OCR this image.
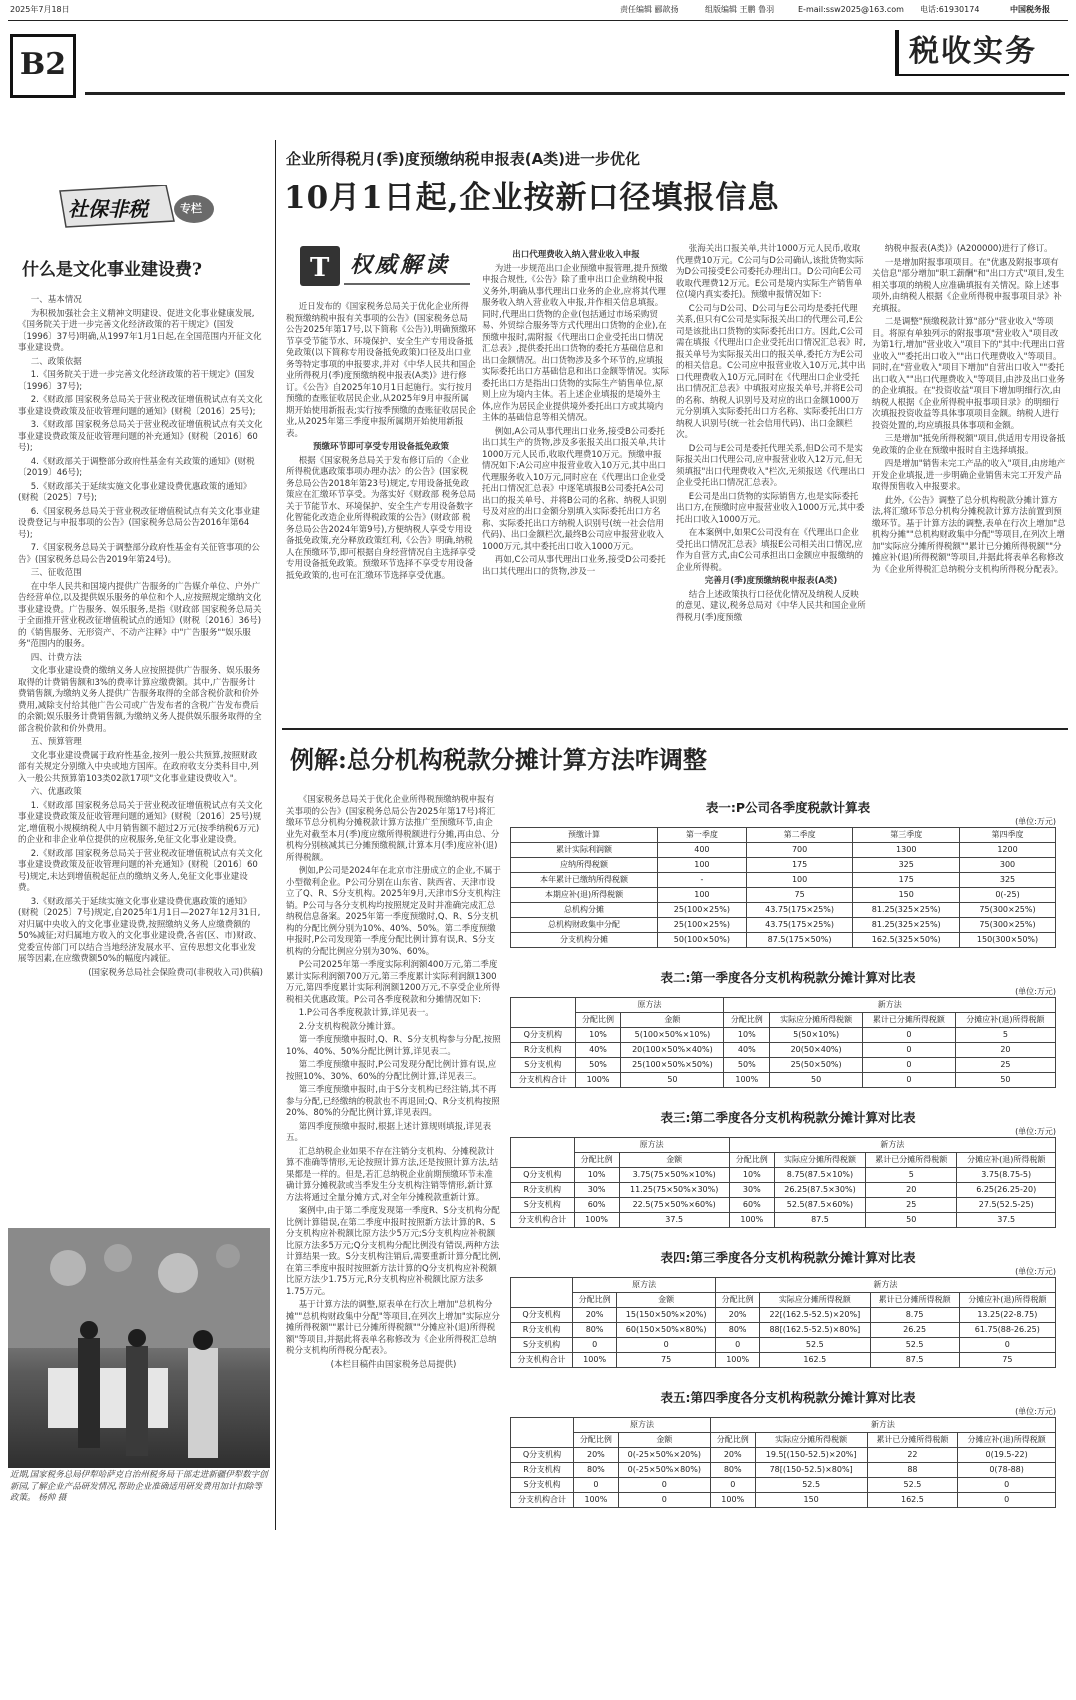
2025年7月18日	责任编辑 郦歆扬	组版编辑 王鹏 鲁羽	E-mail:ssw2025@163.com 电话:61930174	中国税务报
B2	税收实务
社保非税	专栏
什么是文化事业建设费?

一、基本情况

为积极加强社会主义精神文明建设、促进文化事业健康发展,《国务院关于进一步完善文化经济政策的若干规定》(国发〔1996〕37号)明确,从1997年1月1日起,在全国范围内开征文化事业建设费。

二、政策依据

1.《国务院关于进一步完善文化经济政策的若干规定》(国发〔1996〕37号);

2.《财政部 国家税务总局关于营业税改征增值税试点有关文化事业建设费政策及征收管理问题的通知》(财税〔2016〕25号);

3.《财政部 国家税务总局关于营业税改征增值税试点有关文化事业建设费政策及征收管理问题的补充通知》(财税〔2016〕60号);

4.《财政部关于调整部分政府性基金有关政策的通知》(财税〔2019〕46号);

5.《财政部关于延续实施文化事业建设费优惠政策的通知》(财税〔2025〕7号);

6.《国家税务总局关于营业税改征增值税试点有关文化事业建设费登记与申报事项的公告》(国家税务总局公告2016年第64号);

7.《国家税务总局关于调整部分政府性基金有关征管事项的公告》(国家税务总局公告2019年第24号)。

三、征收范围

在中华人民共和国境内提供广告服务的广告媒介单位、户外广告经营单位,以及提供娱乐服务的单位和个人,应按照规定缴纳文化事业建设费。广告服务、娱乐服务,是指《财政部 国家税务总局关于全面推开营业税改征增值税试点的通知》(财税〔2016〕36号)的《销售服务、无形资产、不动产注释》中"广告服务""娱乐服务"范围内的服务。

四、计费方法

文化事业建设费的缴纳义务人应按照提供广告服务、娱乐服务取得的计费销售额和3%的费率计算应缴费额。其中,广告服务计费销售额,为缴纳义务人提供广告服务取得的全部含税价款和价外费用,减除支付给其他广告公司或广告发布者的含税广告发布费后的余额;娱乐服务计费销售额,为缴纳义务人提供娱乐服务取得的全部含税价款和价外费用。

五、预算管理

文化事业建设费属于政府性基金,按列一般公共预算,按照财政部有关规定分别缴入中央或地方国库。在政府收支分类科目中,列入一般公共预算第103类02款17项"文化事业建设费收入"。

六、优惠政策

1.《财政部 国家税务总局关于营业税改征增值税试点有关文化事业建设费政策及征收管理问题的通知》(财税〔2016〕25号)规定,增值税小规模纳税人中月销售额不超过2万元(按季纳税6万元)的企业和非企业单位提供的应税服务,免征文化事业建设费。

2.《财政部 国家税务总局关于营业税改征增值税试点有关文化事业建设费政策及征收管理问题的补充通知》(财税〔2016〕60号)规定,未达到增值税起征点的缴纳义务人,免征文化事业建设费。

3.《财政部关于延续实施文化事业建设费优惠政策的通知》(财税〔2025〕7号)规定,自2025年1月1日—2027年12月31日,对归属中央收入的文化事业建设费,按照缴纳义务人应缴费额的50%减征;对归属地方收入的文化事业建设费,各省(区、市)财政、党委宣传部门可以结合当地经济发展水平、宣传思想文化事业发展等因素,在应缴费额50%的幅度内减征。

(国家税务总局社会保险费司(非税收入司)供稿)

近期,国家税务总局伊犁哈萨克自治州税务局干部走进新疆伊犁数字创新园,了解企业产品研发情况,帮助企业准确适用研发费用加计扣除等政策。 杨帅 摄
企业所得税月(季)度预缴纳税申报表(A类)进一步优化
10月1日起,企业按新口径填报信息
T 权威解读

近日发布的《国家税务总局关于优化企业所得税预缴纳税申报有关事项的公告》(国家税务总局公告2025年第17号,以下简称《公告》),明确预缴环节享受节能节水、环境保护、安全生产专用设备抵免政策(以下简称专用设备抵免政策)口径及出口业务等特定事项的申报要求,并对《中华人民共和国企业所得税月(季)度预缴纳税申报表(A类)》进行修订。《公告》自2025年10月1日起施行。实行按月预缴的查账征收居民企业,从2025年9月申报所属期开始使用新报表;实行按季预缴的查账征收居民企业,从2025年第三季度申报所属期开始使用新报表。

预缴环节即可享受专用设备抵免政策

根据《国家税务总局关于发布修订后的〈企业所得税优惠政策事项办理办法〉的公告》(国家税务总局公告2018年第23号)规定,专用设备抵免政策应在汇缴环节享受。为落实好《财政部 税务总局关于节能节水、环境保护、安全生产专用设备数字化智能化改造企业所得税政策的公告》(财政部 税务总局公告2024年第9号),方便纳税人享受专用设备抵免政策,充分释放政策红利,《公告》明确,纳税人在预缴环节,即可根据自身经营情况自主选择享受专用设备抵免政策。预缴环节选择不享受专用设备抵免政策的,也可在汇缴环节选择享受优惠。

出口代理费收入纳入营业收入申报

为进一步规范出口企业预缴申报管理,提升预缴申报合规性,《公告》除了重申出口企业纳税申报义务外,明确从事代理出口业务的企业,应将其代理服务收入纳入营业收入申报,并作相关信息填报。同时,代理出口货物的企业(包括通过市场采购贸易、外贸综合服务等方式代理出口货物的企业),在预缴申报时,需附报《代理出口企业受托出口情况汇总表》,提供委托出口货物的委托方基础信息和出口金额情况。出口货物涉及多个环节的,应填报实际委托出口方基础信息和出口金额等情况。实际委托出口方是指出口货物的实际生产销售单位,原则上应为境内主体。若上述企业填报的是境外主体,应作为居民企业提供境外委托出口方或其境内主体的基础信息等相关情况。

例如,A公司从事代理出口业务,接受B公司委托出口其生产的货物,涉及多张报关出口报关单,共计1000万元人民币,收取代理费10万元。预缴申报情况如下:A公司应申报营业收入10万元,其中出口代理服务收入10万元,同时应在《代理出口企业受托出口情况汇总表》中逐笔填报B公司委托A公司出口的报关单号、并将B公司的名称、纳税人识别号及对应的出口金额分别填入实际委托出口方名称、实际委托出口方纳税人识别号(统一社会信用代码)、出口金额栏次,最终B公司应申报营业收入1000万元,其中委托出口收入1000万元。

再如,C公司从事代理出口业务,接受D公司委托出口其代理出口的货物,涉及一

张海关出口报关单,共计1000万元人民币,收取代理费10万元。C公司与D公司确认,该批货物实际为D公司接受E公司委托办理出口。D公司向E公司收取代理费12万元。E公司是境内实际生产销售单位(境内真实委托)。预缴申报情况如下:

C公司与D公司、D公司与E公司均是委托代理关系,但只有C公司是实际报关出口的代理公司,E公司是该批出口货物的实际委托出口方。因此,C公司需在填报《代理出口企业受托出口情况汇总表》时,报关单号为实际报关出口的报关单,委托方为E公司的相关信息。C公司应申报营业收入10万元,其中出口代理费收入10万元,同时在《代理出口企业受托出口情况汇总表》中填报对应报关单号,并将E公司的名称、纳税人识别号及对应的出口金额1000万元分别填入实际委托出口方名称、实际委托出口方纳税人识别号(统一社会信用代码)、出口金额栏次。

D公司与E公司是委托代理关系,但D公司不是实际报关出口代理公司,应申报营业收入12万元,但无须填报"出口代理费收入"栏次,无须报送《代理出口企业受托出口情况汇总表》。

E公司是出口货物的实际销售方,也是实际委托出口方,在预缴时应申报营业收入1000万元,其中委托出口收入1000万元。

在本案例中,如果C公司没有在《代理出口企业受托出口情况汇总表》填报E公司相关出口情况,应作为自营方式,由C公司承担出口金额应申报缴纳的企业所得税。

完善月(季)度预缴纳税申报表(A类)

结合上述政策执行口径优化情况及纳税人反映的意见、建议,税务总局对《中华人民共和国企业所得税月(季)度预缴

纳税申报表(A类)》(A200000)进行了修订。

一是增加附报事项项目。在"优惠及附报事项有关信息"部分增加"职工薪酬"和"出口方式"项目,发生相关事项的纳税人应准确填报有关情况。除上述事项外,由纳税人根据《企业所得税申报事项目录》补充填报。

二是调整"预缴税款计算"部分"营业收入"等项目。将原有单独列示的附报事项"营业收入"项目改为第1行,增加"营业收入"项目下的"其中:代理出口营业收入""委托出口收入""出口代理费收入"等项目。同时,在"营业收入"项目下增加"自营出口收入""委托出口收入""出口代理费收入"等项目,由涉及出口业务的企业填报。在"投资收益"项目下增加明细行次,由纳税人根据《企业所得税申报事项目录》的明细行次填报投资收益等具体事项项目金额。纳税人进行投资处置的,均应填报具体事项和金额。

三是增加"抵免所得税额"项目,供适用专用设备抵免政策的企业在预缴申报时自主选择填报。

四是增加"销售未完工产品的收入"项目,由房地产开发企业填报,进一步明确企业销售未完工开发产品取得预售收入申报要求。

此外,《公告》调整了总分机构税款分摊计算方法,将汇缴环节总分机构分摊税款计算方法前置到预缴环节。基于计算方法的调整,表单在行次上增加"总机构分摊""总机构财政集中分配"等项目,在列次上增加"实际应分摊所得税额""累计已分摊所得税额""分摊应补(退)所得税额"等项目,并据此将表单名称修改为《企业所得税汇总纳税分支机构所得税分配表》。

例解:总分机构税款分摊计算方法咋调整

《国家税务总局关于优化企业所得税预缴纳税申报有关事项的公告》(国家税务总局公告2025年第17号)将汇缴环节总分机构分摊税款计算方法推广至预缴环节,由企业先对截至本月(季)度应缴所得税额进行分摊,再由总、分机构分别核减其已分摊预缴税额,计算本月(季)度应补(退)所得税额。

例如,P公司是2024年在北京市注册成立的企业,不属于小型微利企业。P公司分别在山东省、陕西省、天津市设立了Q、R、S分支机构。2025年9月,天津市S分支机构注销。P公司与各分支机构均按照规定及时并准确完成汇总纳税信息备案。2025年第一季度预缴时,Q、R、S分支机构的分配比例分别为10%、40%、50%。第二季度预缴申报时,P公司发现第一季度分配比例计算有误,R、S分支机构的分配比例应分别为30%、60%。

P公司2025年第一季度实际利润额400万元,第二季度累计实际利润额700万元,第三季度累计实际利润额1300万元,第四季度累计实际利润额1200万元,不享受企业所得税相关优惠政策。P公司各季度税款和分摊情况如下:

1.P公司各季度税款计算,详见表一。

2.分支机构税款分摊计算。

第一季度预缴申报时,Q、R、S分支机构参与分配,按照10%、40%、50%分配比例计算,详见表二。

第二季度预缴申报时,P公司发现分配比例计算有误,应按照10%、30%、60%的分配比例计算,详见表三。

第三季度预缴申报时,由于S分支机构已经注销,其不再参与分配,已经缴纳的税款也不再退回;Q、R分支机构按照20%、80%的分配比例计算,详见表四。

第四季度预缴申报时,根据上述计算规则填报,详见表五。

汇总纳税企业如果不存在注销分支机构、分摊税款计算不准确等情形,无论按照计算方法,还是按照计算方法,结果都是一样的。但是,若汇总纳税企业前期预缴环节未准确计算分摊税款或当季发生分支机构注销等情形,新计算方法将通过全量分摊方式,对全年分摊税款重新计算。

案例中,由于第二季度发现第一季度R、S分支机构分配比例计算错误,在第二季度申报时按照新方法计算的R、S分支机构应补税额比原方法少5万元;S分支机构应补税额比原方法多5万元;Q分支机构分配比例没有错误,两种方法计算结果一致。S分支机构注销后,需要重新计算分配比例,在第三季度申报时按照新方法计算的Q分支机构应补税额比原方法少1.75万元,R分支机构应补税额比原方法多1.75万元。

基于计算方法的调整,原表单在行次上增加"总机构分摊""总机构财政集中分配"等项目,在列次上增加"实际应分摊所得税额""累计已分摊所得税额""分摊应补(退)所得税额"等项目,并据此将表单名称修改为《企业所得税汇总纳税分支机构所得税分配表》。

(本栏目稿件由国家税务总局提供)

表一:P公司各季度税款计算表
(单位:万元)
预缴计算	第一季度	第二季度	第三季度	第四季度
累计实际利润额	400	700	1300	1200
应纳所得税额	100	175	325	300
本年累计已缴纳所得税额	-	100	175	325
本期应补(退)所得税额	100	75	150	0(-25)
总机构分摊	25(100×25%)	43.75(175×25%)	81.25(325×25%)	75(300×25%)
总机构财政集中分配	25(100×25%)	43.75(175×25%)	81.25(325×25%)	75(300×25%)
分支机构分摊	50(100×50%)	87.5(175×50%)	162.5(325×50%)	150(300×50%)
表二:第一季度各分支机构税款分摊计算对比表
(单位:万元)
	原方法		新方法			
	分配比例	金额	分配比例	实际应分摊所得税额	累计已分摊所得税额	分摊应补(退)所得税额
Q分支机构	10%	5(100×50%×10%)	10%	5(50×10%)	0	5
R分支机构	40%	20(100×50%×40%)	40%	20(50×40%)	0	20
S分支机构	50%	25(100×50%×50%)	50%	25(50×50%)	0	25
分支机构合计	100%	50	100%	50	0	50
表三:第二季度各分支机构税款分摊计算对比表
(单位:万元)
	原方法		新方法			
	分配比例	金额	分配比例	实际应分摊所得税额	累计已分摊所得税额	分摊应补(退)所得税额
Q分支机构	10%	3.75(75×50%×10%)	10%	8.75(87.5×10%)	5	3.75(8.75-5)
R分支机构	30%	11.25(75×50%×30%)	30%	26.25(87.5×30%)	20	6.25(26.25-20)
S分支机构	60%	22.5(75×50%×60%)	60%	52.5(87.5×60%)	25	27.5(52.5-25)
分支机构合计	100%	37.5	100%	87.5	50	37.5
表四:第三季度各分支机构税款分摊计算对比表
(单位:万元)
	原方法		新方法			
	分配比例	金额	分配比例	实际应分摊所得税额	累计已分摊所得税额	分摊应补(退)所得税额
Q分支机构	20%	15(150×50%×20%)	20%	22[(162.5-52.5)×20%]	8.75	13.25(22-8.75)
R分支机构	80%	60(150×50%×80%)	80%	88[(162.5-52.5)×80%]	26.25	61.75(88-26.25)
S分支机构	0	0	0	52.5	52.5	0
分支机构合计	100%	75	100%	162.5	87.5	75
表五:第四季度各分支机构税款分摊计算对比表
(单位:万元)
	原方法		新方法			
	分配比例	金额	分配比例	实际应分摊所得税额	累计已分摊所得税额	分摊应补(退)所得税额
Q分支机构	20%	0(-25×50%×20%)	20%	19.5[(150-52.5)×20%]	22	0(19.5-22)
R分支机构	80%	0(-25×50%×80%)	80%	78[(150-52.5)×80%]	88	0(78-88)
S分支机构	0	0	0	52.5	52.5	0
分支机构合计	100%	0	100%	150	162.5	0
